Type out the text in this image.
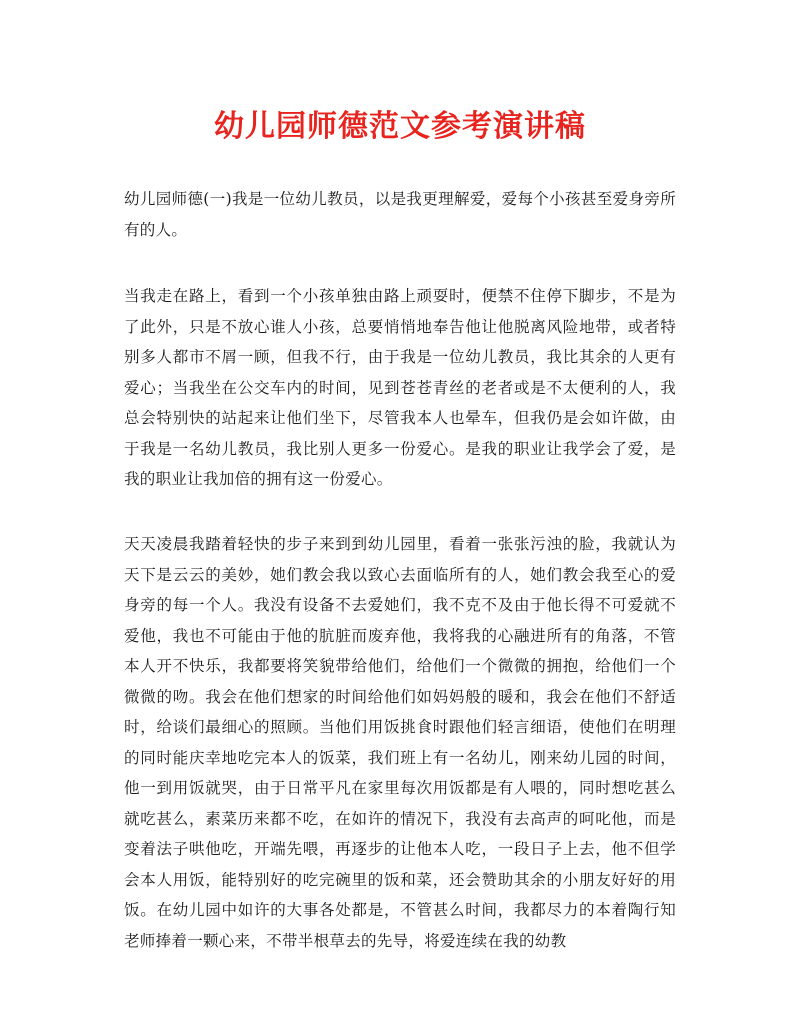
幼儿园师德范文参考演讲稿

幼儿园师德(一)我是一位幼儿教员，以是我更理解爱，爱每个小孩甚至爱身旁所有的人。

当我走在路上，看到一个小孩单独由路上顽耍时，便禁不住停下脚步，不是为了此外，只是不放心谁人小孩，总要悄悄地奉告他让他脱离风险地带，或者特别多人都市不屑一顾，但我不行，由于我是一位幼儿教员，我比其余的人更有爱心；当我坐在公交车内的时间，见到苍苍青丝的老者或是不太便利的人，我总会特别快的站起来让他们坐下，尽管我本人也晕车，但我仍是会如许做，由于我是一名幼儿教员，我比别人更多一份爱心。是我的职业让我学会了爱，是我的职业让我加倍的拥有这一份爱心。

天天凌晨我踏着轻快的步子来到到幼儿园里，看着一张张污浊的脸，我就认为天下是云云的美妙，她们教会我以致心去面临所有的人，她们教会我至心的爱身旁的每一个人。我没有设备不去爱她们，我不克不及由于他长得不可爱就不爱他，我也不可能由于他的肮脏而废弃他，我将我的心融进所有的角落，不管本人开不快乐，我都要将笑貌带给他们，给他们一个微微的拥抱，给他们一个微微的吻。我会在他们想家的时间给他们如妈妈般的暖和，我会在他们不舒适时，给谈们最细心的照顾。当他们用饭挑食时跟他们轻言细语，使他们在明理的同时能庆幸地吃完本人的饭菜，我们班上有一名幼儿，刚来幼儿园的时间，他一到用饭就哭，由于日常平凡在家里每次用饭都是有人喂的，同时想吃甚么就吃甚么，素菜历来都不吃，在如许的情况下，我没有去高声的呵叱他，而是变着法子哄他吃，开端先喂，再逐步的让他本人吃，一段日子上去，他不但学会本人用饭，能特别好的吃完碗里的饭和菜，还会赞助其余的小朋友好好的用饭。在幼儿园中如许的大事各处都是，不管甚么时间，我都尽力的本着陶行知老师捧着一颗心来，不带半根草去的先导，将爱连续在我的幼教
